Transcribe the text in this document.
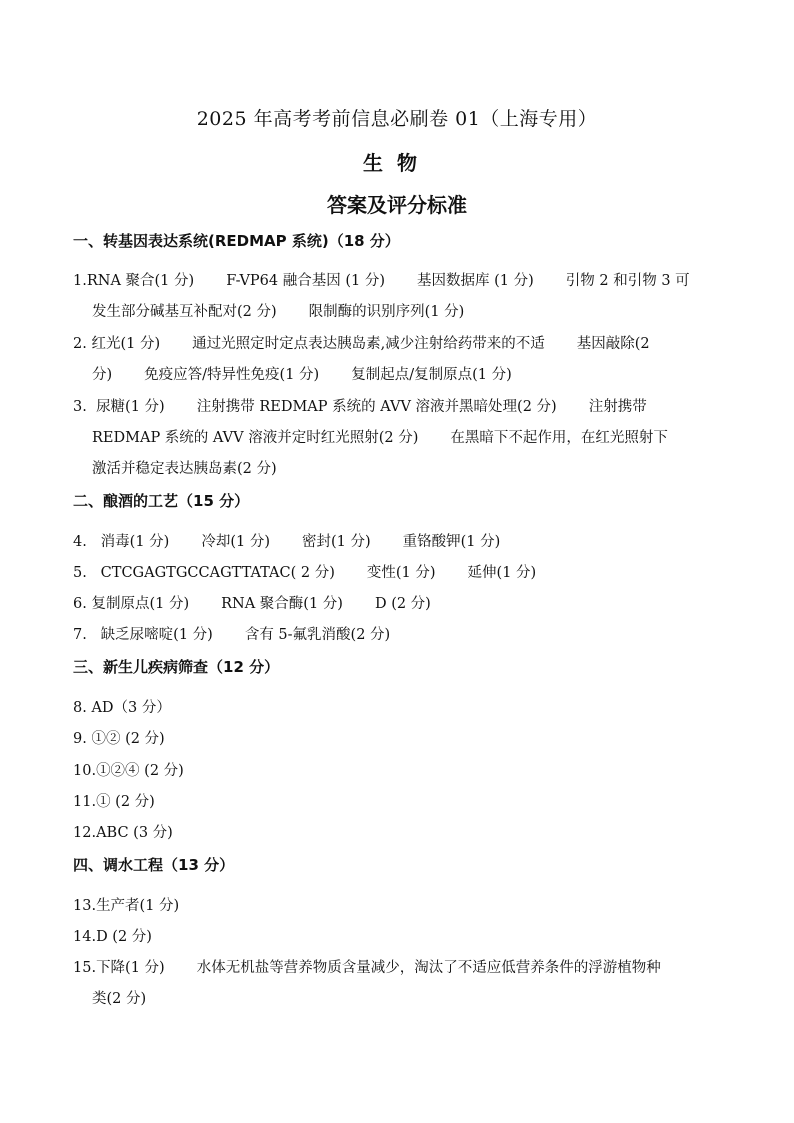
2025 年高考考前信息必刷卷 01（上海专用）
生物
答案及评分标准
一、转基因表达系统(REDMAP 系统)（18 分）
1.RNA 聚合(1 分) F-VP64 融合基因 (1 分) 基因数据库 (1 分) 引物 2 和引物 3 可
发生部分碱基互补配对(2 分) 限制酶的识别序列(1 分)
2. 红光(1 分) 通过光照定时定点表达胰岛素,减少注射给药带来的不适 基因敲除(2
分) 免疫应答/特异性免疫(1 分) 复制起点/复制原点(1 分)
3. 尿糖(1 分) 注射携带 REDMAP 系统的 AVV 溶液并黑暗处理(2 分) 注射携带
REDMAP 系统的 AVV 溶液并定时红光照射(2 分) 在黑暗下不起作用，在红光照射下
激活并稳定表达胰岛素(2 分)
二、酿酒的工艺（15 分）
4. 消毒(1 分) 冷却(1 分) 密封(1 分) 重铬酸钾(1 分)
5. CTCGAGTGCCAGTTATAC( 2 分) 变性(1 分) 延伸(1 分)
6. 复制原点(1 分) RNA 聚合酶(1 分) D (2 分)
7. 缺乏尿嘧啶(1 分) 含有 5-氟乳消酸(2 分)
三、新生儿疾病筛查（12 分）
8. AD（3 分）
9. ①② (2 分)
10.①②④ (2 分)
11.① (2 分)
12.ABC (3 分)
四、调水工程（13 分）
13.生产者(1 分)
14.D (2 分)
15.下降(1 分) 水体无机盐等营养物质含量减少，淘汰了不适应低营养条件的浮游植物种
类(2 分)
